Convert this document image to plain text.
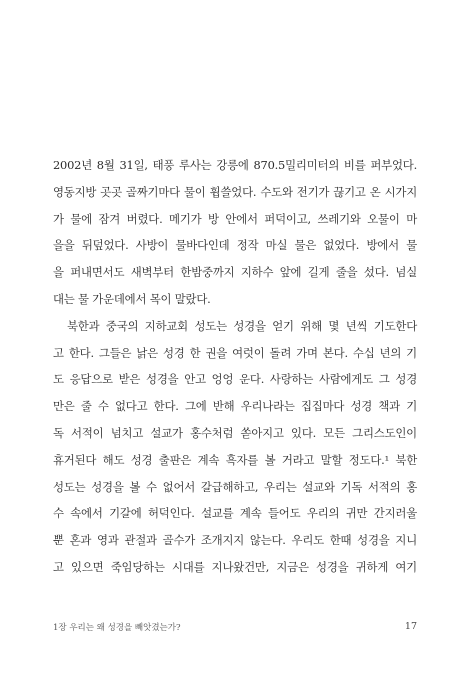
2002년 8월 31일, 태풍 루사는 강릉에 870.5밀리미터의 비를 퍼부었다.
영동지방 곳곳 골짜기마다 물이 휩쓸었다. 수도와 전기가 끊기고 온 시가지
가 물에 잠겨 버렸다. 메기가 방 안에서 퍼덕이고, 쓰레기와 오물이 마
을을 뒤덮었다. 사방이 물바다인데 정작 마실 물은 없었다. 방에서 물
을 퍼내면서도 새벽부터 한밤중까지 지하수 앞에 길게 줄을 섰다. 넘실
대는 물 가운데에서 목이 말랐다.
북한과 중국의 지하교회 성도는 성경을 얻기 위해 몇 년씩 기도한다
고 한다. 그들은 낡은 성경 한 권을 여럿이 돌려 가며 본다. 수십 년의 기
도 응답으로 받은 성경을 안고 엉엉 운다. 사랑하는 사람에게도 그 성경
만은 줄 수 없다고 한다. 그에 반해 우리나라는 집집마다 성경 책과 기
독 서적이 넘치고 설교가 홍수처럼 쏟아지고 있다. 모든 그리스도인이
휴거된다 해도 성경 출판은 계속 흑자를 볼 거라고 말할 정도다.¹ 북한
성도는 성경을 볼 수 없어서 갈급해하고, 우리는 설교와 기독 서적의 홍
수 속에서 기갈에 허덕인다. 설교를 계속 들어도 우리의 귀만 간지러울
뿐 혼과 영과 관절과 골수가 조개지지 않는다. 우리도 한때 성경을 지니
고 있으면 죽임당하는 시대를 지나왔건만, 지금은 성경을 귀하게 여기
1장 우리는 왜 성경을 빼앗겼는가?	17
